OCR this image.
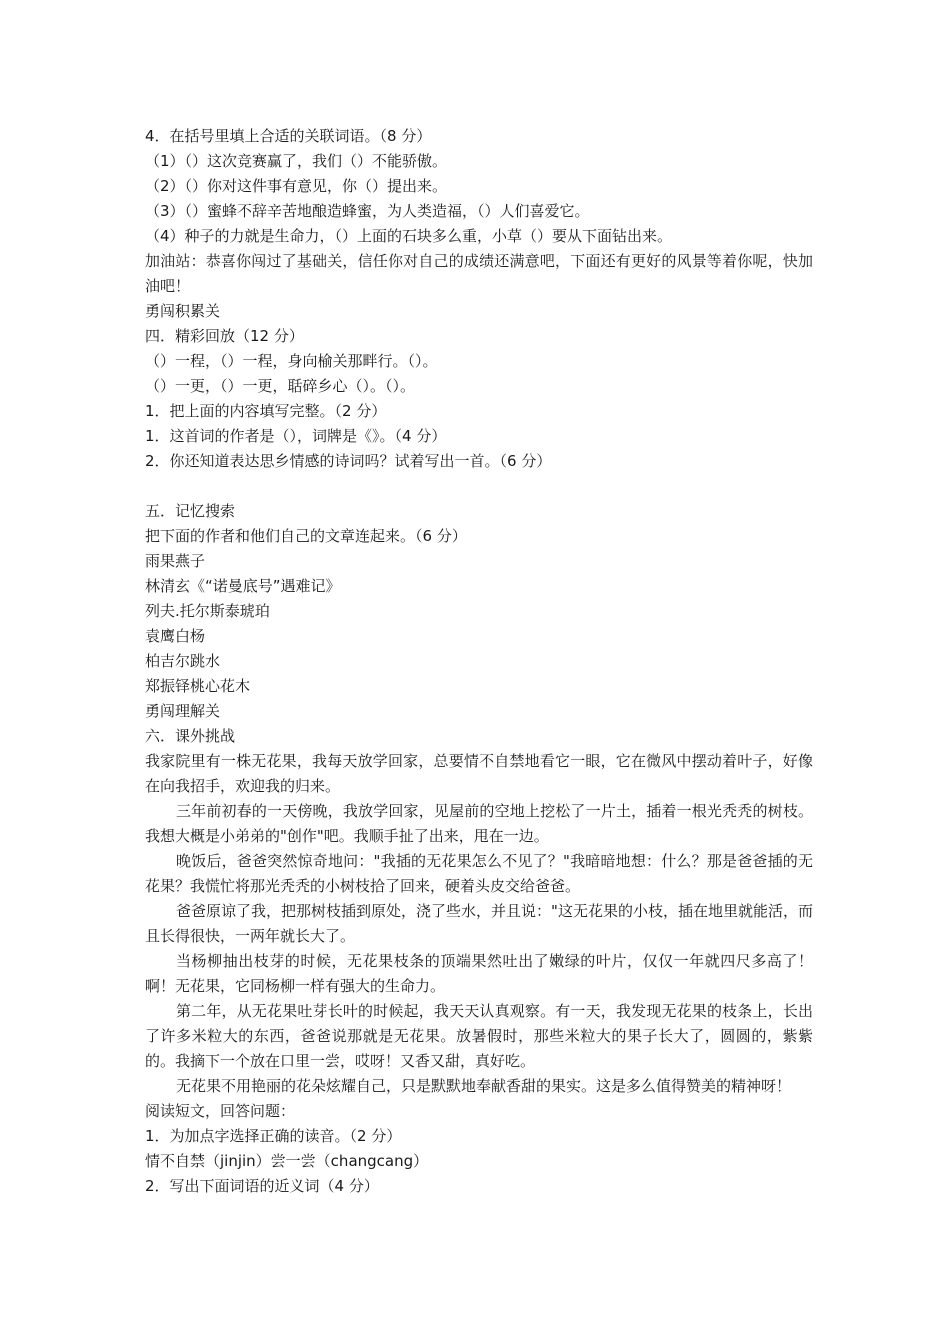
4．在括号里填上合适的关联词语。（8 分）
（1）（）这次竞赛赢了，我们（）不能骄傲。
（2）（）你对这件事有意见，你（）提出来。
（3）（）蜜蜂不辞辛苦地酿造蜂蜜，为人类造福，（）人们喜爱它。
（4）种子的力就是生命力，（）上面的石块多么重，小草（）要从下面钻出来。
加油站：恭喜你闯过了基础关，信任你对自己的成绩还满意吧，下面还有更好的风景等着你呢，快加油吧！
勇闯积累关
四．精彩回放（12 分）
（）一程，（）一程，身向榆关那畔行。（）。
（）一更，（）一更，聒碎乡心（）。（）。
1．把上面的内容填写完整。（2 分）
1．这首词的作者是（），词牌是《》。（4 分）
2．你还知道表达思乡情感的诗词吗？试着写出一首。（6 分）
五．记忆搜索
把下面的作者和他们自己的文章连起来。（6 分）
雨果燕子
林清玄《“诺曼底号”遇难记》
列夫.托尔斯泰琥珀
袁鹰白杨
柏吉尔跳水
郑振铎桃心花木
勇闯理解关
六．课外挑战
我家院里有一株无花果，我每天放学回家，总要情不自禁地看它一眼，它在微风中摆动着叶子，好像在向我招手，欢迎我的归来。
三年前初春的一天傍晚，我放学回家，见屋前的空地上挖松了一片土，插着一根光秃秃的树枝。我想大概是小弟弟的"创作"吧。我顺手扯了出来，甩在一边。
晚饭后，爸爸突然惊奇地问："我插的无花果怎么不见了？"我暗暗地想：什么？那是爸爸插的无花果？我慌忙将那光秃秃的小树枝拾了回来，硬着头皮交给爸爸。
爸爸原谅了我，把那树枝插到原处，浇了些水，并且说："这无花果的小枝，插在地里就能活，而且长得很快，一两年就长大了。
当杨柳抽出枝芽的时候，无花果枝条的顶端果然吐出了嫩绿的叶片，仅仅一年就四尺多高了！啊！无花果，它同杨柳一样有强大的生命力。
第二年，从无花果吐芽长叶的时候起，我天天认真观察。有一天，我发现无花果的枝条上，长出了许多米粒大的东西，爸爸说那就是无花果。放暑假时，那些米粒大的果子长大了，圆圆的，紫紫的。我摘下一个放在口里一尝，哎呀！又香又甜，真好吃。
无花果不用艳丽的花朵炫耀自己，只是默默地奉献香甜的果实。这是多么值得赞美的精神呀！
阅读短文，回答问题：
1．为加点字选择正确的读音。（2 分）
情不自禁（jinjin）尝一尝（changcang）
2．写出下面词语的近义词（4 分）
